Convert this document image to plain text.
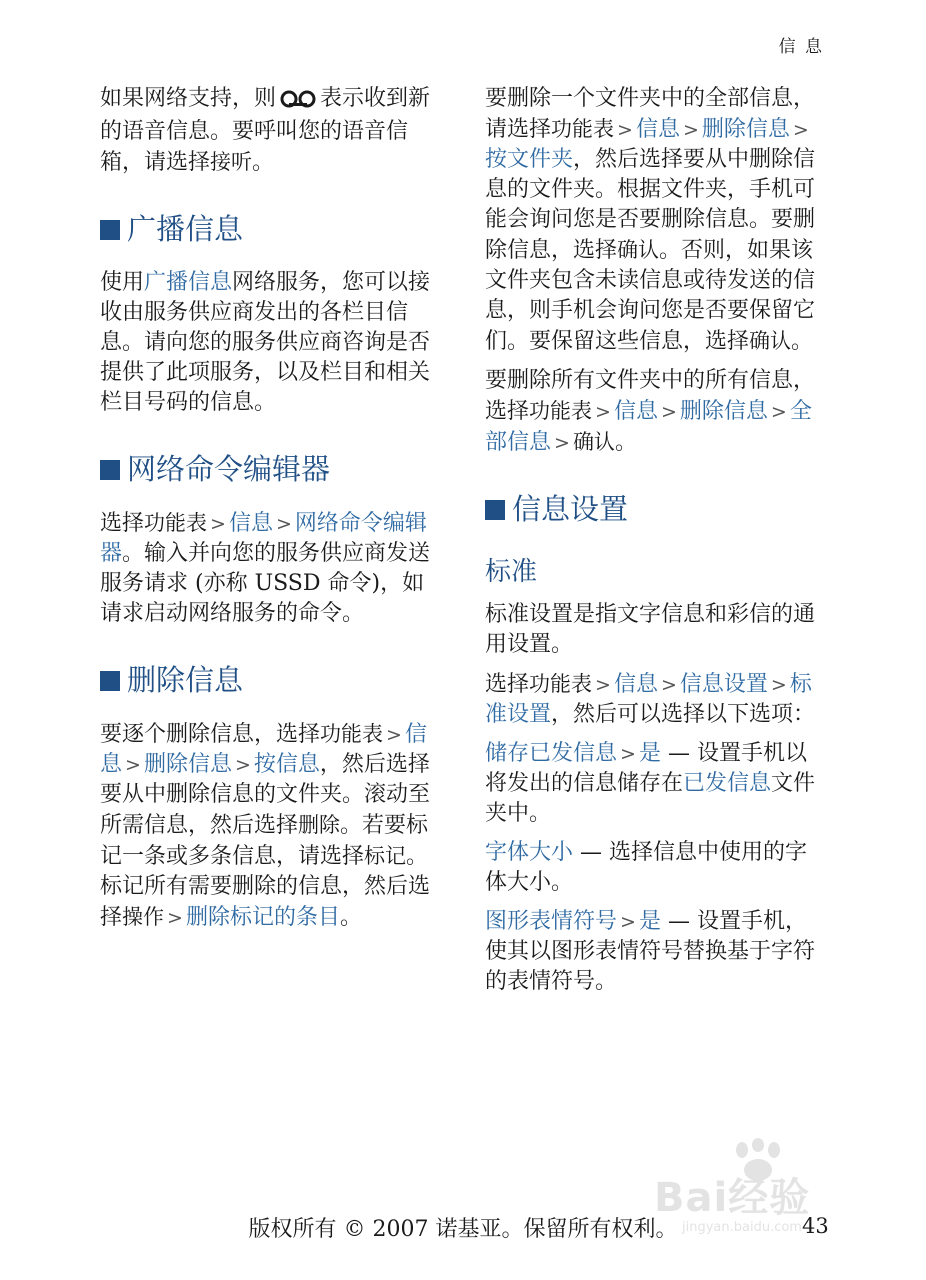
信 息

如果网络支持，则 表示收到新的语音信息。要呼叫您的语音信箱，请选择接听。

广播信息

使用广播信息网络服务，您可以接收由服务供应商发出的各栏目信息。请向您的服务供应商咨询是否提供了此项服务，以及栏目和相关栏目号码的信息。

网络命令编辑器

选择功能表 > 信息 > 网络命令编辑器。输入并向您的服务供应商发送服务请求 (亦称 USSD 命令)，如请求启动网络服务的命令。

删除信息

要逐个删除信息，选择功能表 > 信息 > 删除信息 > 按信息，然后选择要从中删除信息的文件夹。滚动至所需信息，然后选择删除。若要标记一条或多条信息，请选择标记。标记所有需要删除的信息，然后选择操作 > 删除标记的条目。

要删除一个文件夹中的全部信息，请选择功能表 > 信息 > 删除信息 >按文件夹，然后选择要从中删除信息的文件夹。根据文件夹，手机可能会询问您是否要删除信息。要删除信息，选择确认。否则，如果该文件夹包含未读信息或待发送的信息，则手机会询问您是否要保留它们。要保留这些信息，选择确认。

要删除所有文件夹中的所有信息，选择功能表 > 信息 > 删除信息 > 全部信息 > 确认。

信息设置
标准

标准设置是指文字信息和彩信的通用设置。

选择功能表 > 信息 > 信息设置 > 标准设置，然后可以选择以下选项：

储存已发信息 > 是 — 设置手机以将发出的信息储存在已发信息文件夹中。

字体大小 — 选择信息中使用的字体大小。

图形表情符号 > 是 — 设置手机，使其以图形表情符号替换基于字符的表情符号。

Bai经验
jingyan.baidu.com
版权所有 © 2007 诺基亚。保留所有权利。	43
